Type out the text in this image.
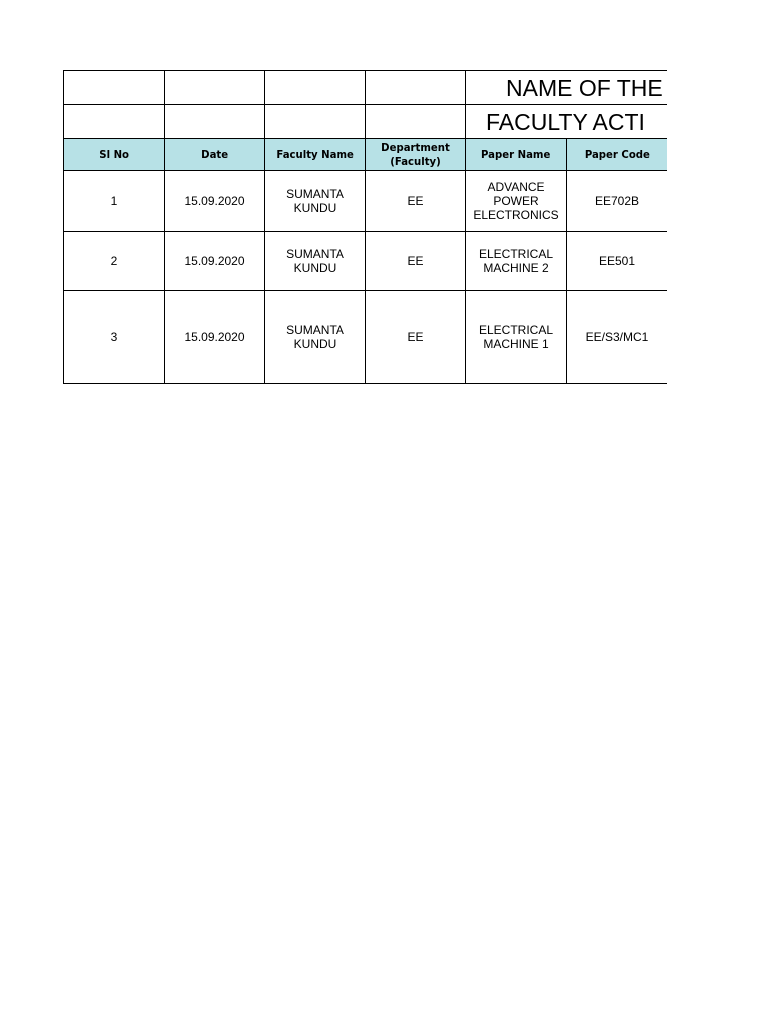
				NAME OF THE	
				FACULTY ACTI	
Sl No	Date	Faculty Name	Department (Faculty)	Paper Name	Paper Code
1	15.09.2020	SUMANTA KUNDU	EE	ADVANCE POWER ELECTRONICS	EE702B
2	15.09.2020	SUMANTA KUNDU	EE	ELECTRICAL MACHINE 2	EE501
3	15.09.2020	SUMANTA KUNDU	EE	ELECTRICAL MACHINE 1	EE/S3/MC1
